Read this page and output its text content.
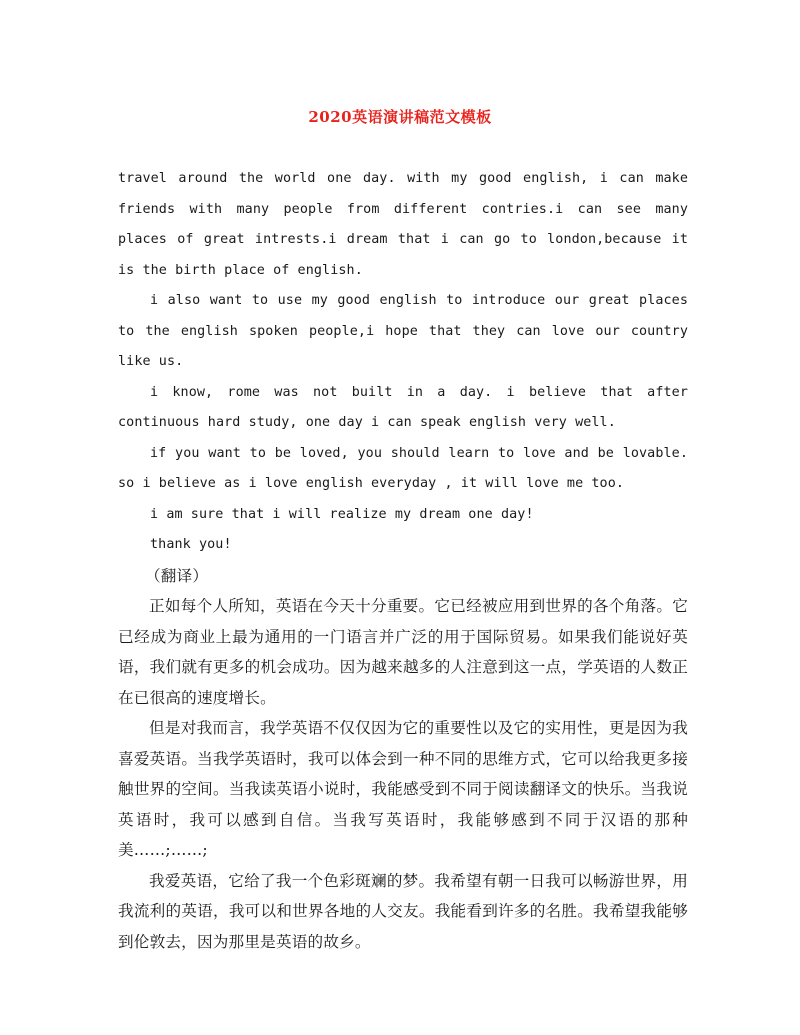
2020英语演讲稿范文模板

travel around the world one day. with my good english, i can make friends with many people from different contries.i can see many places of great intrests.i dream that i can go to london,because it is the birth place of english.

i also want to use my good english to introduce our great places to the english spoken people,i hope that they can love our country like us.

i know, rome was not built in a day. i believe that after continuous hard study, one day i can speak english very well.

if you want to be loved, you should learn to love and be lovable. so i believe as i love english everyday , it will love me too.

i am sure that i will realize my dream one day!

thank you!

（翻译）

正如每个人所知，英语在今天十分重要。它已经被应用到世界的各个角落。它已经成为商业上最为通用的一门语言并广泛的用于国际贸易。如果我们能说好英语，我们就有更多的机会成功。因为越来越多的人注意到这一点，学英语的人数正在已很高的速度增长。

但是对我而言，我学英语不仅仅因为它的重要性以及它的实用性，更是因为我喜爱英语。当我学英语时，我可以体会到一种不同的思维方式，它可以给我更多接触世界的空间。当我读英语小说时，我能感受到不同于阅读翻译文的快乐。当我说英语时，我可以感到自信。当我写英语时，我能够感到不同于汉语的那种美……;……;

我爱英语，它给了我一个色彩斑斓的梦。我希望有朝一日我可以畅游世界，用我流利的英语，我可以和世界各地的人交友。我能看到许多的名胜。我希望我能够到伦敦去，因为那里是英语的故乡。
